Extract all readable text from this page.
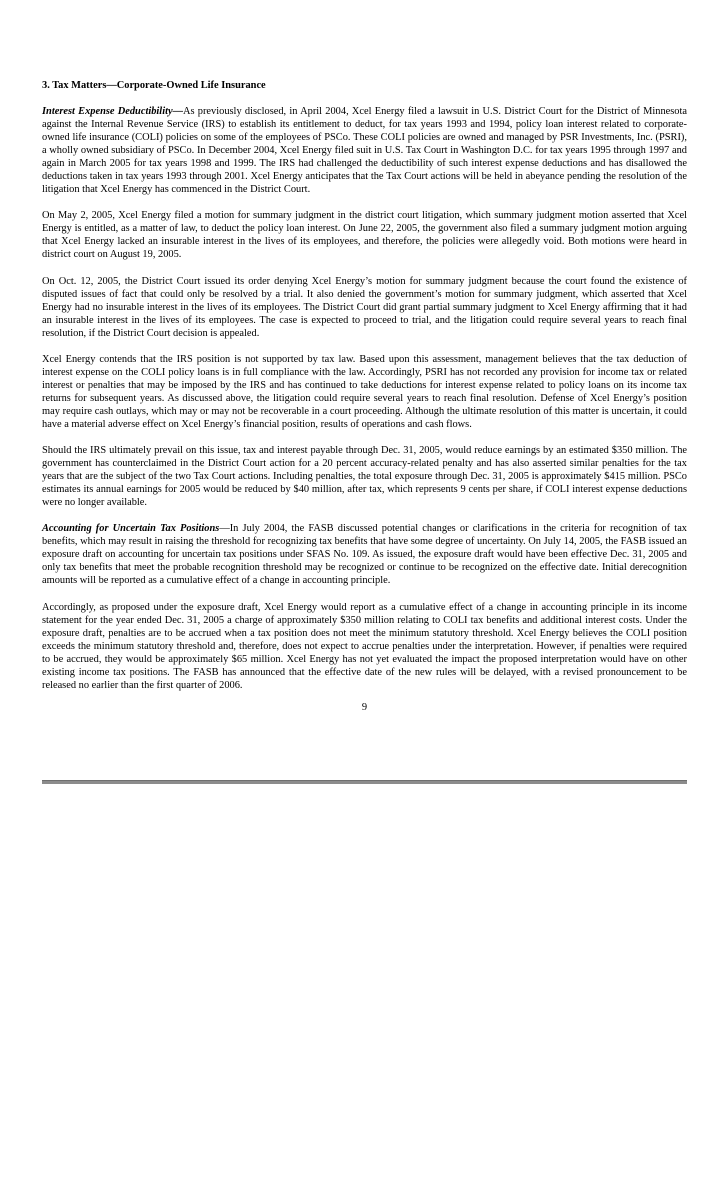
3. Tax Matters—Corporate-Owned Life Insurance

Interest Expense Deductibility—As previously disclosed, in April 2004, Xcel Energy filed a lawsuit in U.S. District Court for the District of Minnesota against the Internal Revenue Service (IRS) to establish its entitlement to deduct, for tax years 1993 and 1994, policy loan interest related to corporate-owned life insurance (COLI) policies on some of the employees of PSCo. These COLI policies are owned and managed by PSR Investments, Inc. (PSRI), a wholly owned subsidiary of PSCo. In December 2004, Xcel Energy filed suit in U.S. Tax Court in Washington D.C. for tax years 1995 through 1997 and again in March 2005 for tax years 1998 and 1999. The IRS had challenged the deductibility of such interest expense deductions and has disallowed the deductions taken in tax years 1993 through 2001. Xcel Energy anticipates that the Tax Court actions will be held in abeyance pending the resolution of the litigation that Xcel Energy has commenced in the District Court.

On May 2, 2005, Xcel Energy filed a motion for summary judgment in the district court litigation, which summary judgment motion asserted that Xcel Energy is entitled, as a matter of law, to deduct the policy loan interest. On June 22, 2005, the government also filed a summary judgment motion arguing that Xcel Energy lacked an insurable interest in the lives of its employees, and therefore, the policies were allegedly void. Both motions were heard in district court on August 19, 2005.

On Oct. 12, 2005, the District Court issued its order denying Xcel Energy’s motion for summary judgment because the court found the existence of disputed issues of fact that could only be resolved by a trial. It also denied the government’s motion for summary judgment, which asserted that Xcel Energy had no insurable interest in the lives of its employees. The District Court did grant partial summary judgment to Xcel Energy affirming that it had an insurable interest in the lives of its employees. The case is expected to proceed to trial, and the litigation could require several years to reach final resolution, if the District Court decision is appealed.

Xcel Energy contends that the IRS position is not supported by tax law. Based upon this assessment, management believes that the tax deduction of interest expense on the COLI policy loans is in full compliance with the law. Accordingly, PSRI has not recorded any provision for income tax or related interest or penalties that may be imposed by the IRS and has continued to take deductions for interest expense related to policy loans on its income tax returns for subsequent years. As discussed above, the litigation could require several years to reach final resolution. Defense of Xcel Energy’s position may require cash outlays, which may or may not be recoverable in a court proceeding. Although the ultimate resolution of this matter is uncertain, it could have a material adverse effect on Xcel Energy’s financial position, results of operations and cash flows.

Should the IRS ultimately prevail on this issue, tax and interest payable through Dec. 31, 2005, would reduce earnings by an estimated $350 million. The government has counterclaimed in the District Court action for a 20 percent accuracy-related penalty and has also asserted similar penalties for the tax years that are the subject of the two Tax Court actions. Including penalties, the total exposure through Dec. 31, 2005 is approximately $415 million. PSCo estimates its annual earnings for 2005 would be reduced by $40 million, after tax, which represents 9 cents per share, if COLI interest expense deductions were no longer available.

Accounting for Uncertain Tax Positions—In July 2004, the FASB discussed potential changes or clarifications in the criteria for recognition of tax benefits, which may result in raising the threshold for recognizing tax benefits that have some degree of uncertainty. On July 14, 2005, the FASB issued an exposure draft on accounting for uncertain tax positions under SFAS No. 109. As issued, the exposure draft would have been effective Dec. 31, 2005 and only tax benefits that meet the probable recognition threshold may be recognized or continue to be recognized on the effective date. Initial derecognition amounts will be reported as a cumulative effect of a change in accounting principle.

Accordingly, as proposed under the exposure draft, Xcel Energy would report as a cumulative effect of a change in accounting principle in its income statement for the year ended Dec. 31, 2005 a charge of approximately $350 million relating to COLI tax benefits and additional interest costs. Under the exposure draft, penalties are to be accrued when a tax position does not meet the minimum statutory threshold. Xcel Energy believes the COLI position exceeds the minimum statutory threshold and, therefore, does not expect to accrue penalties under the interpretation. However, if penalties were required to be accrued, they would be approximately $65 million. Xcel Energy has not yet evaluated the impact the proposed interpretation would have on other existing income tax positions. The FASB has announced that the effective date of the new rules will be delayed, with a revised pronouncement to be released no earlier than the first quarter of 2006.

9
